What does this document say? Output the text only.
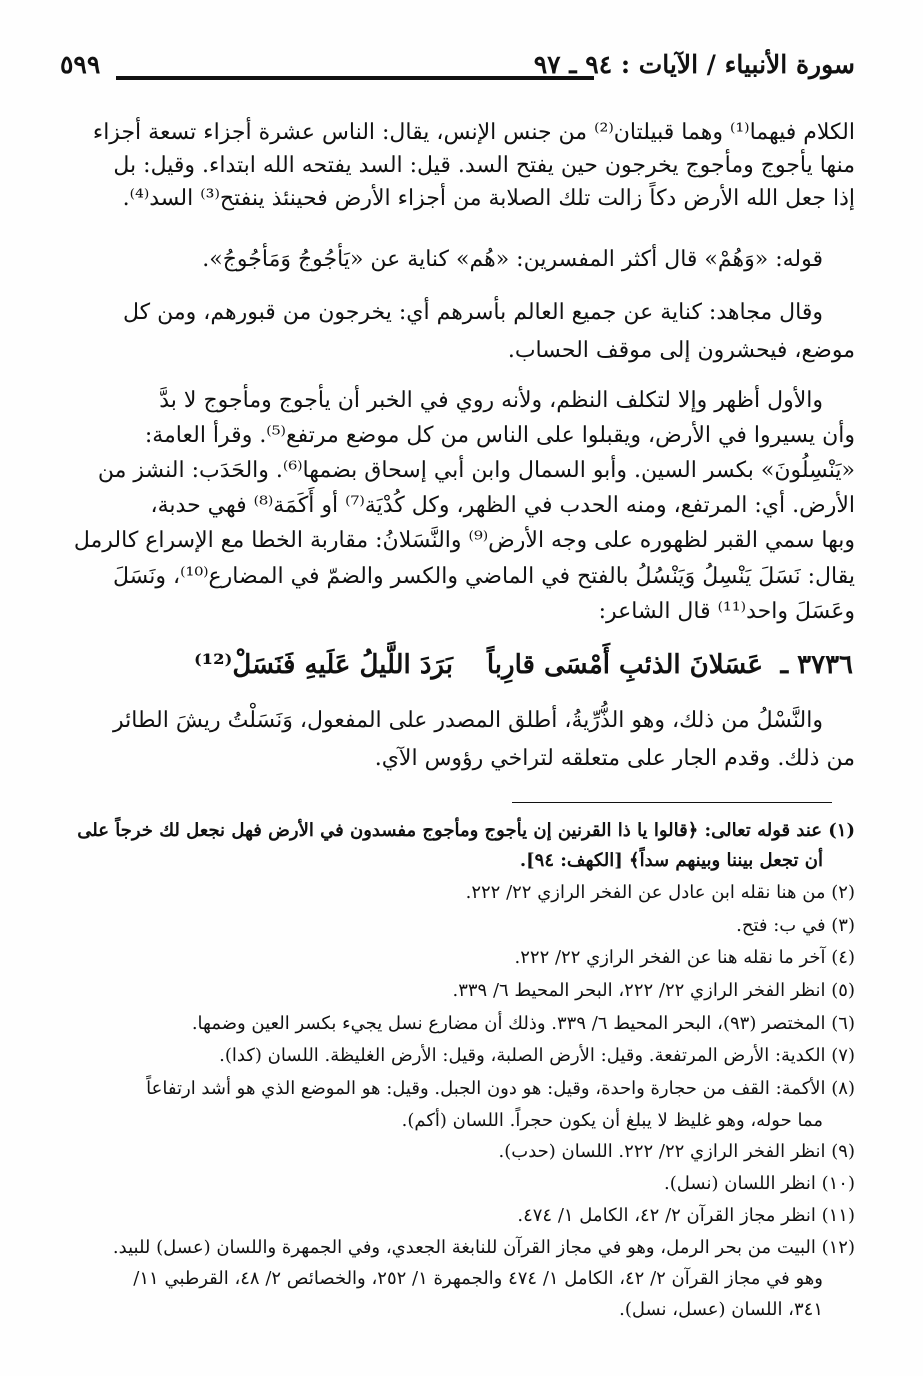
سورة الأنبياء / الآيات : ٩٤ ـ ٩٧
٥٩٩
الكلام فيهما⁽¹⁾ وهما قبيلتان⁽²⁾ من جنس الإنس، يقال: الناس عشرة أجزاء تسعة أجزاء
منها يأجوج ومأجوج يخرجون حين يفتح السد. قيل: السد يفتحه الله ابتداء. وقيل: بل
إذا جعل الله الأرض دكاً زالت تلك الصلابة من أجزاء الأرض فحينئذ ينفتح⁽³⁾ السد⁽⁴⁾.
قوله: «وَهُمْ» قال أكثر المفسرين: «هُم» كناية عن «يَأجُوجُ وَمَأجُوجُ».
وقال مجاهد: كناية عن جميع العالم بأسرهم أي: يخرجون من قبورهم، ومن كل
موضع، فيحشرون إلى موقف الحساب.
والأول أظهر وإلا لتكلف النظم، ولأنه روي في الخبر أن يأجوج ومأجوج لا بدَّ
وأن يسيروا في الأرض، ويقبلوا على الناس من كل موضع مرتفع⁽⁵⁾. وقرأ العامة:
«يَنْسِلُونَ» بكسر السين. وأبو السمال وابن أبي إسحاق بضمها⁽⁶⁾. والحَدَب: النشز من
الأرض. أي: المرتفع، ومنه الحدب في الظهر، وكل كُدْيَة⁽⁷⁾ أو أَكَمَة⁽⁸⁾ فهي حدبة،
وبها سمي القبر لظهوره على وجه الأرض⁽⁹⁾ والنَّسَلانُ: مقاربة الخطا مع الإسراع كالرمل
يقال: نَسَلَ يَنْسِلُ وَيَنْسُلُ بالفتح في الماضي والكسر والضمّ في المضارع⁽¹⁰⁾، ونَسَلَ
وعَسَلَ واحد⁽¹¹⁾ قال الشاعر:
٣٧٣٦ ـ
عَسَلانَ الذئبِ أَمْسَى قارِباً
بَرَدَ اللَّيلُ عَلَيهِ فَنَسَلْ⁽¹²⁾
والنَّسْلُ من ذلك، وهو الذُّرِّيةُ، أطلق المصدر على المفعول، وَنَسَلْتُ ريشَ الطائر
من ذلك. وقدم الجار على متعلقه لتراخي رؤوس الآي.
(١) عند قوله تعالى: ﴿قالوا يا ذا القرنين إن يأجوج ومأجوج مفسدون في الأرض فهل نجعل لك خرجاً على
أن تجعل بيننا وبينهم سداً﴾ [الكهف: ٩٤].
(٢) من هنا نقله ابن عادل عن الفخر الرازي ٢٢/ ٢٢٢.
(٣) في ب: فتح.
(٤) آخر ما نقله هنا عن الفخر الرازي ٢٢/ ٢٢٢.
(٥) انظر الفخر الرازي ٢٢/ ٢٢٢، البحر المحيط ٦/ ٣٣٩.
(٦) المختصر (٩٣)، البحر المحيط ٦/ ٣٣٩. وذلك أن مضارع نسل يجيء بكسر العين وضمها.
(٧) الكدية: الأرض المرتفعة. وقيل: الأرض الصلبة، وقيل: الأرض الغليظة. اللسان (كدا).
(٨) الأكمة: القف من حجارة واحدة، وقيل: هو دون الجبل. وقيل: هو الموضع الذي هو أشد ارتفاعاً
مما حوله، وهو غليظ لا يبلغ أن يكون حجراً. اللسان (أكم).
(٩) انظر الفخر الرازي ٢٢/ ٢٢٢. اللسان (حدب).
(١٠) انظر اللسان (نسل).
(١١) انظر مجاز القرآن ٢/ ٤٢، الكامل ١/ ٤٧٤.
(١٢) البيت من بحر الرمل، وهو في مجاز القرآن للنابغة الجعدي، وفي الجمهرة واللسان (عسل) للبيد.
وهو في مجاز القرآن ٢/ ٤٢، الكامل ١/ ٤٧٤ والجمهرة ١/ ٢٥٢، والخصائص ٢/ ٤٨، القرطبي ١١/
٣٤١، اللسان (عسل، نسل).
